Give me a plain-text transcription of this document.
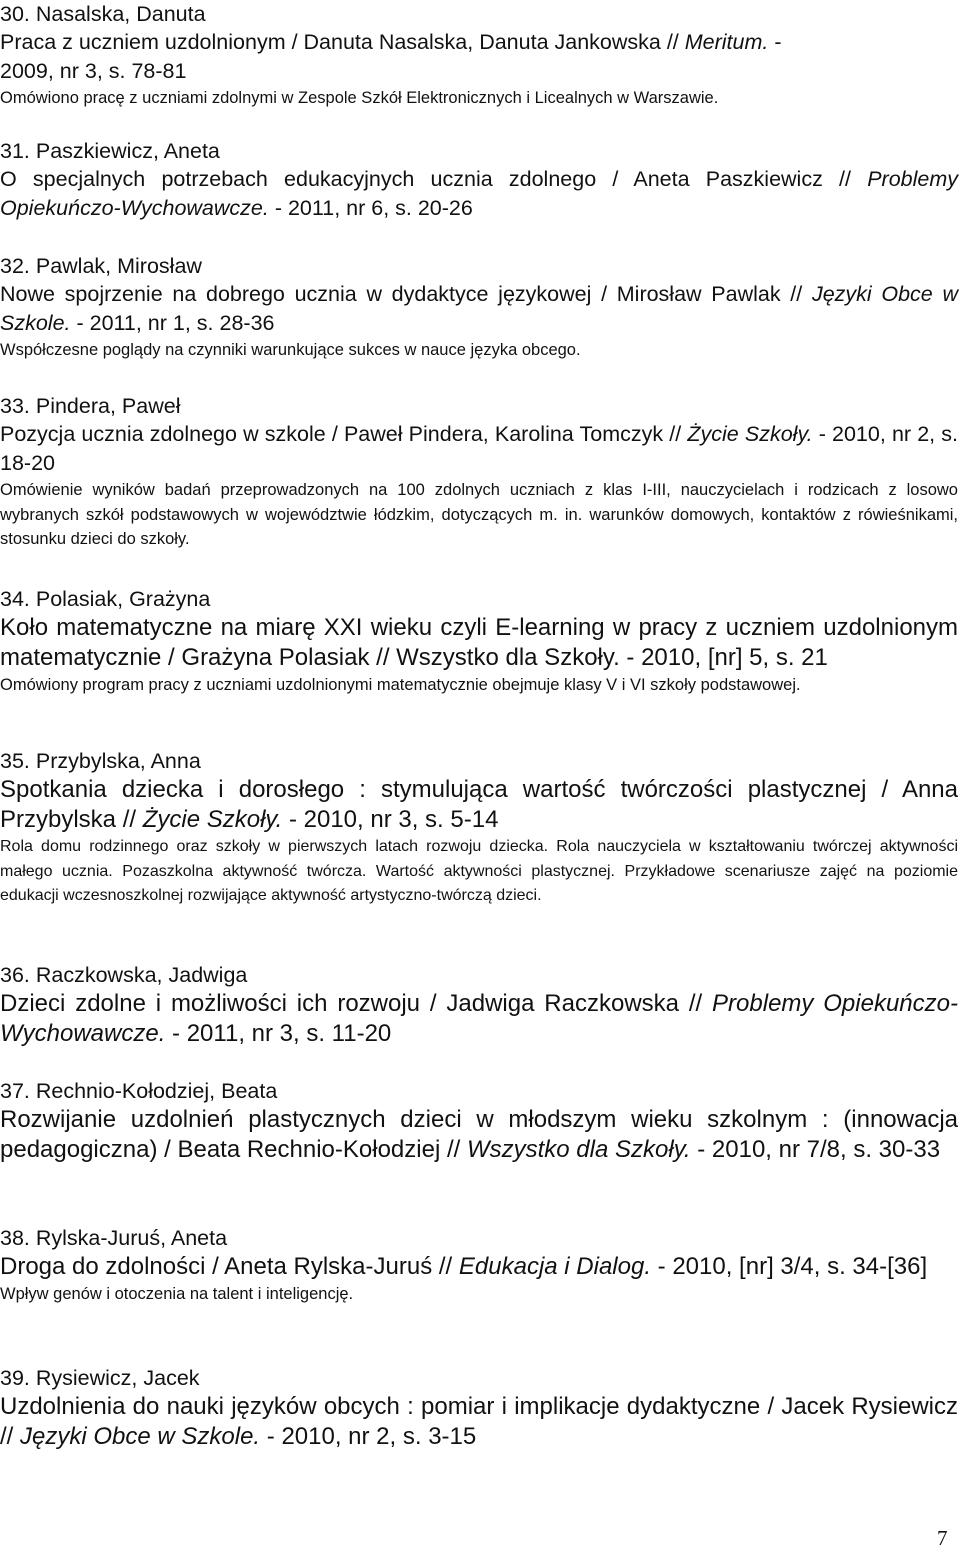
30. Nasalska, Danuta

Praca z uczniem uzdolnionym / Danuta Nasalska, Danuta Jankowska // Meritum. -

2009, nr 3, s. 78-81

Omówiono pracę z uczniami zdolnymi w Zespole Szkół Elektronicznych i Licealnych w Warszawie.

31. Paszkiewicz, Aneta

O specjalnych potrzebach edukacyjnych ucznia zdolnego / Aneta Paszkiewicz // Problemy Opiekuńczo-Wychowawcze. - 2011, nr 6, s. 20-26

32. Pawlak, Mirosław

Nowe spojrzenie na dobrego ucznia w dydaktyce językowej / Mirosław Pawlak // Języki Obce w Szkole. - 2011, nr 1, s. 28-36

Współczesne poglądy na czynniki warunkujące sukces w nauce języka obcego.

33. Pindera, Paweł

Pozycja ucznia zdolnego w szkole / Paweł Pindera, Karolina Tomczyk // Życie Szkoły. - 2010, nr 2, s. 18-20

Omówienie wyników badań przeprowadzonych na 100 zdolnych uczniach z klas I-III, nauczycielach i rodzicach z losowo wybranych szkół podstawowych w województwie łódzkim, dotyczących m. in. warunków domowych, kontaktów z rówieśnikami, stosunku dzieci do szkoły.

34. Polasiak, Grażyna

Koło matematyczne na miarę XXI wieku czyli E-learning w pracy z uczniem uzdolnionym matematycznie / Grażyna Polasiak // Wszystko dla Szkoły. - 2010, [nr] 5, s. 21

Omówiony program pracy z uczniami uzdolnionymi matematycznie obejmuje klasy V i VI szkoły podstawowej.

35. Przybylska, Anna

Spotkania dziecka i dorosłego : stymulująca wartość twórczości plastycznej / Anna Przybylska // Życie Szkoły. - 2010, nr 3, s. 5-14

Rola domu rodzinnego oraz szkoły w pierwszych latach rozwoju dziecka. Rola nauczyciela w kształtowaniu twórczej aktywności małego ucznia. Pozaszkolna aktywność twórcza. Wartość aktywności plastycznej. Przykładowe scenariusze zajęć na poziomie edukacji wczesnoszkolnej rozwijające aktywność artystyczno-twórczą dzieci.

36. Raczkowska, Jadwiga

Dzieci zdolne i możliwości ich rozwoju / Jadwiga Raczkowska // Problemy Opiekuńczo-Wychowawcze. - 2011, nr 3, s. 11-20

37. Rechnio-Kołodziej, Beata

Rozwijanie uzdolnień plastycznych dzieci w młodszym wieku szkolnym : (innowacja pedagogiczna) / Beata Rechnio-Kołodziej // Wszystko dla Szkoły. - 2010, nr 7/8, s. 30-33

38. Rylska-Juruś, Aneta

Droga do zdolności / Aneta Rylska-Juruś // Edukacja i Dialog. - 2010, [nr] 3/4, s. 34-[36]

Wpływ genów i otoczenia na talent i inteligencję.

39. Rysiewicz, Jacek

Uzdolnienia do nauki języków obcych : pomiar i implikacje dydaktyczne / Jacek Rysiewicz // Języki Obce w Szkole. - 2010, nr 2, s. 3-15

7
